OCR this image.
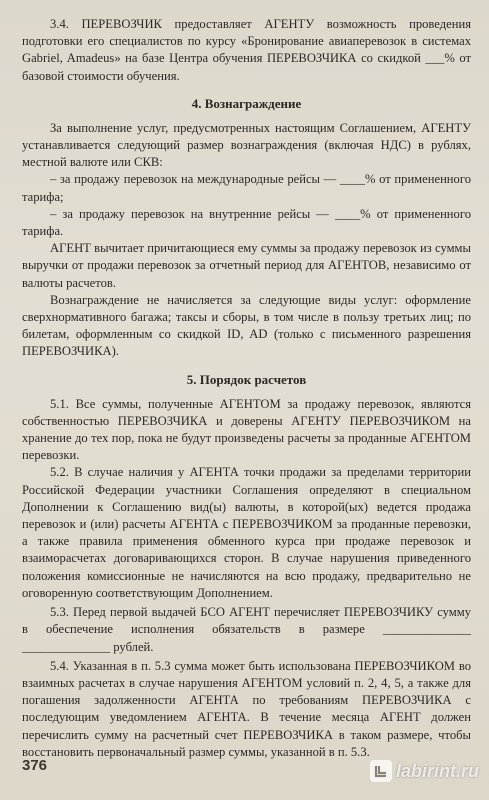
3.4. ПЕРЕВОЗЧИК предоставляет АГЕНТУ возможность проведения подготовки его специалистов по курсу «Бронирование авиаперевозок в системах Gabriel, Amadeus» на базе Центра обучения ПЕРЕВОЗЧИКА со скидкой ___% от базовой стоимости обучения.

4. Вознаграждение

За выполнение услуг, предусмотренных настоящим Соглашением, АГЕНТУ устанавливается следующий размер вознаграждения (включая НДС) в рублях, местной валюте или СКВ:

– за продажу перевозок на международные рейсы — ____% от примененного тарифа;

– за продажу перевозок на внутренние рейсы — ____% от примененного тарифа.

АГЕНТ вычитает причитающиеся ему суммы за продажу перевозок из суммы выручки от продажи перевозок за отчетный период для АГЕНТОВ, независимо от валюты расчетов.

Вознаграждение не начисляется за следующие виды услуг: оформление сверхнормативного багажа; таксы и сборы, в том числе в пользу третьих лиц; по билетам, оформленным со скидкой ID, AD (только с письменного разрешения ПЕРЕВОЗЧИКА).

5. Порядок расчетов

5.1. Все суммы, полученные АГЕНТОМ за продажу перевозок, являются собственностью ПЕРЕВОЗЧИКА и доверены АГЕНТУ ПЕРЕВОЗЧИКОМ на хранение до тех пор, пока не будут произведены расчеты за проданные АГЕНТОМ перевозки.

5.2. В случае наличия у АГЕНТА точки продажи за пределами территории Российской Федерации участники Соглашения определяют в специальном Дополнении к Соглашению вид(ы) валюты, в которой(ых) ведется продажа перевозок и (или) расчеты АГЕНТА с ПЕРЕВОЗЧИКОМ за проданные перевозки, а также правила применения обменного курса при продаже перевозок и взаиморасчетах договаривающихся сторон. В случае нарушения приведенного положения комиссионные не начисляются на всю продажу, предварительно не оговоренную соответствующим Дополнением.

5.3. Перед первой выдачей БСО АГЕНТ перечисляет ПЕРЕВОЗЧИКУ сумму в обеспечение исполнения обязательств в размере ______________ ______________ рублей.

5.4. Указанная в п. 5.3 сумма может быть использована ПЕРЕВОЗЧИКОМ во взаимных расчетах в случае нарушения АГЕНТОМ условий п. 2, 4, 5, а также для погашения задолженности АГЕНТА по требованиям ПЕРЕВОЗЧИКА с последующим уведомлением АГЕНТА. В течение месяца АГЕНТ должен перечислить сумму на расчетный счет ПЕРЕВОЗЧИКА в таком размере, чтобы восстановить первоначальный размер суммы, указанной в п. 5.3.

376	labirint.ru
